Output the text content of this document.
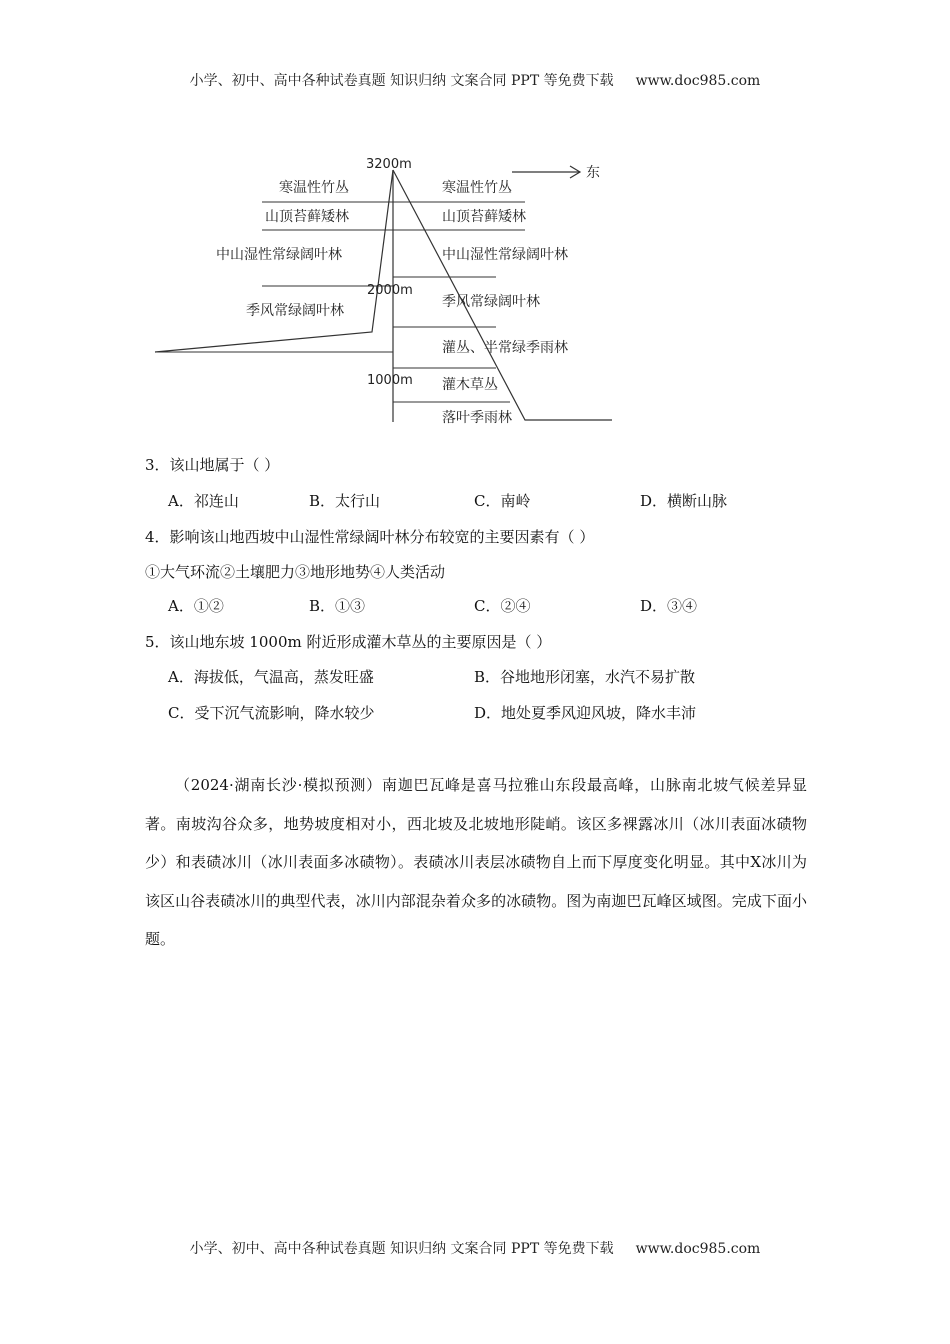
小学、初中、高中各种试卷真题 知识归纳 文案合同 PPT 等免费下载 www.doc985.com
东
3200m
2000m
1000m
寒温性竹丛
山顶苔藓矮林
中山湿性常绿阔叶林
季风常绿阔叶林
寒温性竹丛
山顶苔藓矮林
中山湿性常绿阔叶林
季风常绿阔叶林
灌丛、半常绿季雨林
灌木草丛
落叶季雨林
3．该山地属于（ ）
A．祁连山	B．太行山	C．南岭	D．横断山脉
4．影响该山地西坡中山湿性常绿阔叶林分布较宽的主要因素有（ ）
①大气环流②土壤肥力③地形地势④人类活动
A．①②	B．①③	C．②④	D．③④
5．该山地东坡 1000m 附近形成灌木草丛的主要原因是（ ）
A．海拔低，气温高，蒸发旺盛	B．谷地地形闭塞，水汽不易扩散
C．受下沉气流影响，降水较少	D．地处夏季风迎风坡，降水丰沛
（2024·湖南长沙·模拟预测）南迦巴瓦峰是喜马拉雅山东段最高峰，山脉南北坡气候差异显著。南坡沟谷众多，地势坡度相对小，西北坡及北坡地形陡峭。该区多裸露冰川（冰川表面冰碛物少）和表碛冰川（冰川表面多冰碛物）。表碛冰川表层冰碛物自上而下厚度变化明显。其中X冰川为该区山谷表碛冰川的典型代表，冰川内部混杂着众多的冰碛物。图为南迦巴瓦峰区域图。完成下面小题。
小学、初中、高中各种试卷真题 知识归纳 文案合同 PPT 等免费下载 www.doc985.com
